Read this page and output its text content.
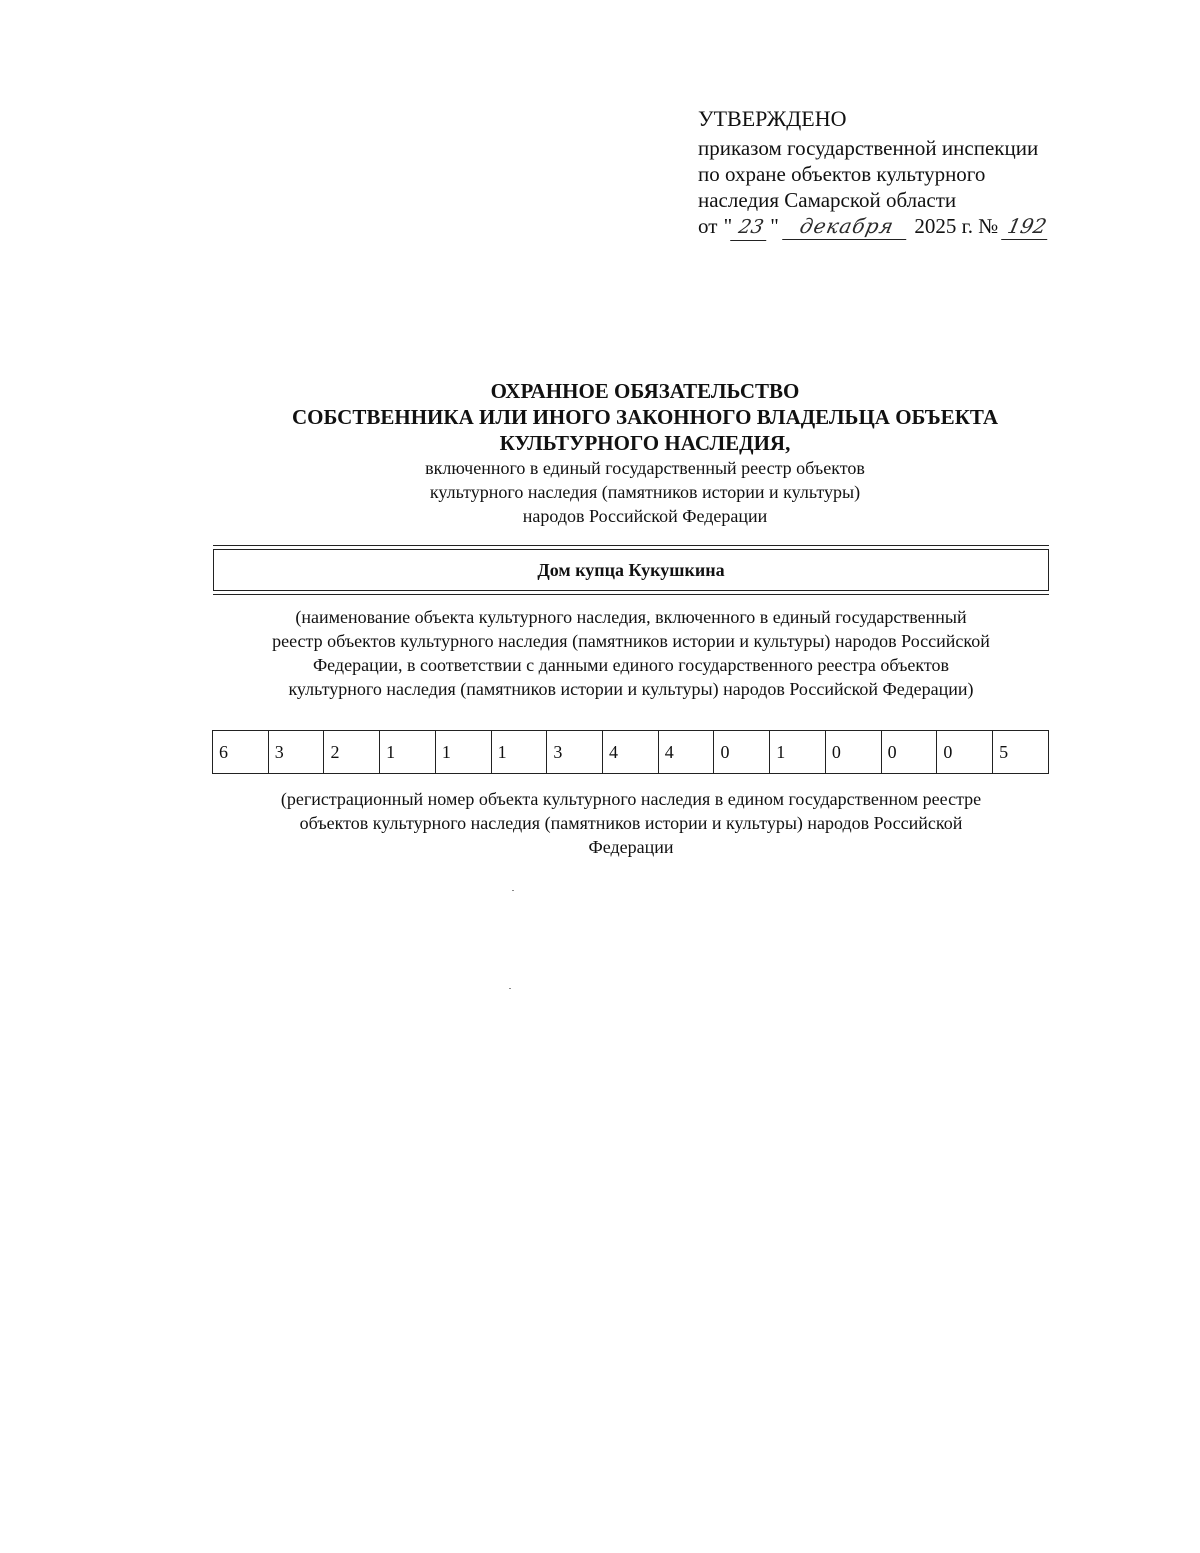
УТВЕРЖДЕНО
приказом государственной инспекции
по охране объектов культурного
наследия Самарской области
от " 23 " декабря
2025 г. №
192
ОХРАННОЕ ОБЯЗАТЕЛЬСТВО
СОБСТВЕННИКА ИЛИ ИНОГО ЗАКОННОГО ВЛАДЕЛЬЦА ОБЪЕКТА
КУЛЬТУРНОГО НАСЛЕДИЯ,
включенного в единый государственный реестр объектов
культурного наследия (памятников истории и культуры)
народов Российской Федерации
Дом купца Кукушкина
(наименование объекта культурного наследия, включенного в единый государственный
реестр объектов культурного наследия (памятников истории и культуры) народов Российской
Федерации, в соответствии с данными единого государственного реестра объектов
культурного наследия (памятников истории и культуры) народов Российской Федерации)
6	3	2	1	1	1	3	4	4	0	1	0	0	0	5
(регистрационный номер объекта культурного наследия в едином государственном реестре
объектов культурного наследия (памятников истории и культуры) народов Российской
Федерации
